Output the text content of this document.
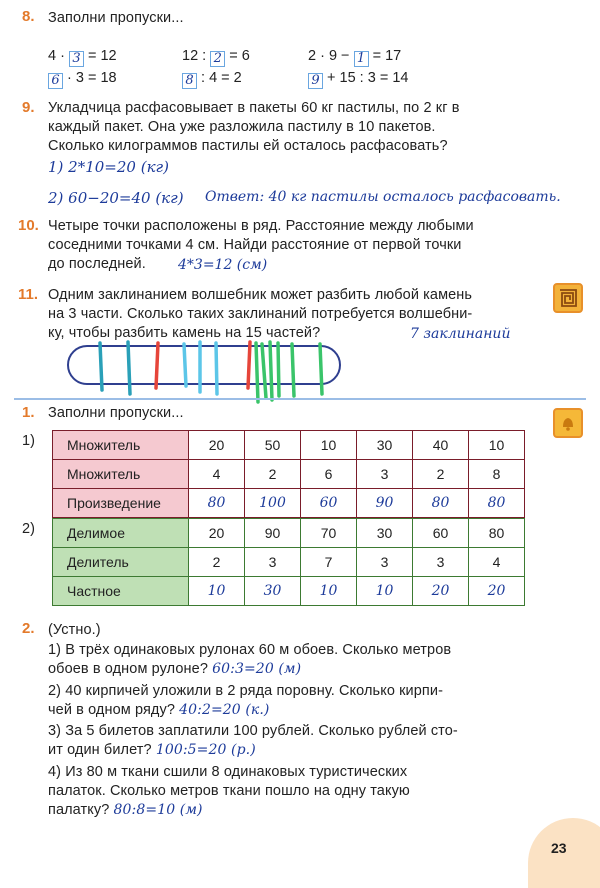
8. Заполни пропуски...
4 · 3 = 12	12 : 2 = 6	2 · 9 − 1 = 17
6 · 3 = 18	8 : 4 = 2	9 + 15 : 3 = 14
9. Укладчица расфасовывает в пакеты 60 кг пастилы, по 2 кг в
каждый пакет. Она уже разложила пастилу в 10 пакетов.
Сколько килограммов пастилы ей осталось расфасовать?
1) 2*10=20 (кг)
2) 60−20=40 (кг) Ответ: 40 кг пастилы осталось расфасовать.
10. Четыре точки расположены в ряд. Расстояние между любыми
соседними точками 4 см. Найди расстояние от первой точки
до последней.	4*3=12 (см)
11. Одним заклинанием волшебник может разбить любой камень
на 3 части. Сколько таких заклинаний потребуется волшебни-
ку, чтобы разбить камень на 15 частей?	7 заклинаний
1. Заполни пропуски...
1) Множитель	20	50	10	30	40	10
Множитель	4	2	6	3	2	8
Произведение	80	100	60	90	80	80
2) Делимое	20	90	70	30	60	80
Делитель	2	3	7	3	3	4
Частное	10	30	10	10	20	20
2. (Устно.)
1) В трёх одинаковых рулонах 60 м обоев. Сколько метров
обоев в одном рулоне? 60:3=20 (м)
2) 40 кирпичей уложили в 2 ряда поровну. Сколько кирпи-
чей в одном ряду? 40:2=20 (к.)
3) За 5 билетов заплатили 100 рублей. Сколько рублей сто-
ит один билет? 100:5=20 (р.)
4) Из 80 м ткани сшили 8 одинаковых туристических
палаток. Сколько метров ткани пошло на одну такую
палатку? 80:8=10 (м)
23
